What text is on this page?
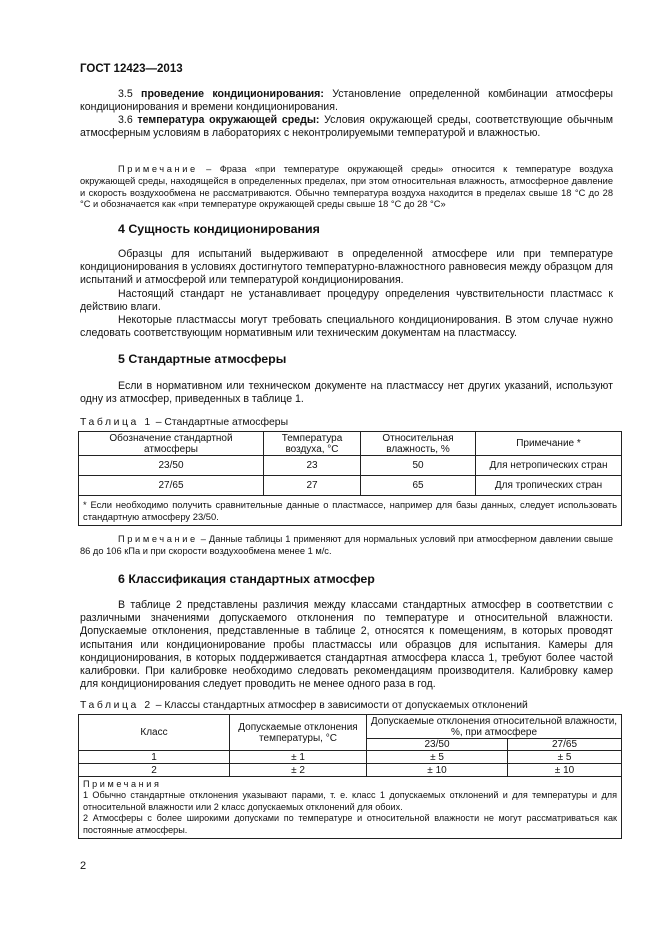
ГОСТ 12423—2013
3.5 проведение кондиционирования: Установление определенной комбинации атмосферы кондиционирования и времени кондиционирования.
3.6 температура окружающей среды: Условия окружающей среды, соответствующие обычным атмосферным условиям в лабораториях с неконтролируемыми температурой и влажностью.
Примечание – Фраза «при температуре окружающей среды» относится к температуре воздуха окружающей среды, находящейся в определенных пределах, при этом относительная влажность, атмосферное давление и скорость воздухообмена не рассматриваются. Обычно температура воздуха находится в пределах свыше 18 °С до 28 °С и обозначается как «при температуре окружающей среды свыше 18 °С до 28 °С»
4 Сущность кондиционирования
Образцы для испытаний выдерживают в определенной атмосфере или при температуре кондиционирования в условиях достигнутого температурно-влажностного равновесия между образцом для испытаний и атмосферой или температурой кондиционирования.
Настоящий стандарт не устанавливает процедуру определения чувствительности пластмасс к действию влаги.
Некоторые пластмассы могут требовать специального кондиционирования. В этом случае нужно следовать соответствующим нормативным или техническим документам на пластмассу.
5 Стандартные атмосферы
Если в нормативном или техническом документе на пластмассу нет других указаний, используют одну из атмосфер, приведенных в таблице 1.
Таблица 1 – Стандартные атмосферы
Обозначение стандартной атмосферы	Температура воздуха, °С	Относительная влажность, %	Примечание *
23/50	23	50	Для нетропических стран
27/65	27	65	Для тропических стран
* Если необходимо получить сравнительные данные о пластмассе, например для базы данных, следует использовать стандартную атмосферу 23/50.			
Примечание – Данные таблицы 1 применяют для нормальных условий при атмосферном давлении свыше 86 до 106 кПа и при скорости воздухообмена менее 1 м/с.
6 Классификация стандартных атмосфер
В таблице 2 представлены различия между классами стандартных атмосфер в соответствии с различными значениями допускаемого отклонения по температуре и относительной влажности. Допускаемые отклонения, представленные в таблице 2, относятся к помещениям, в которых проводят испытания или кондиционирование пробы пластмассы или образцов для испытания. Камеры для кондиционирования, в которых поддерживается стандартная атмосфера класса 1, требуют более частой калибровки. При калибровке необходимо следовать рекомендациям производителя. Калибровку камер для кондиционирования следует проводить не менее одного раза в год.
Таблица 2 – Классы стандартных атмосфер в зависимости от допускаемых отклонений
Класс	Допускаемые отклонения температуры, °С	Допускаемые отклонения относительной влажности, %, при атмосфере	
		23/50	27/65
1	± 1	± 5	± 5
2	± 2	± 10	± 10

Примечания
1 Обычно стандартные отклонения указывают парами, т. е. класс 1 допускаемых отклонений и для температуры и для относительной влажности или 2 класс допускаемых отклонений для обоих.
2 Атмосферы с более широкими допусками по температуре и относительной влажности не могут рассматриваться как постоянные атмосферы.			
2
